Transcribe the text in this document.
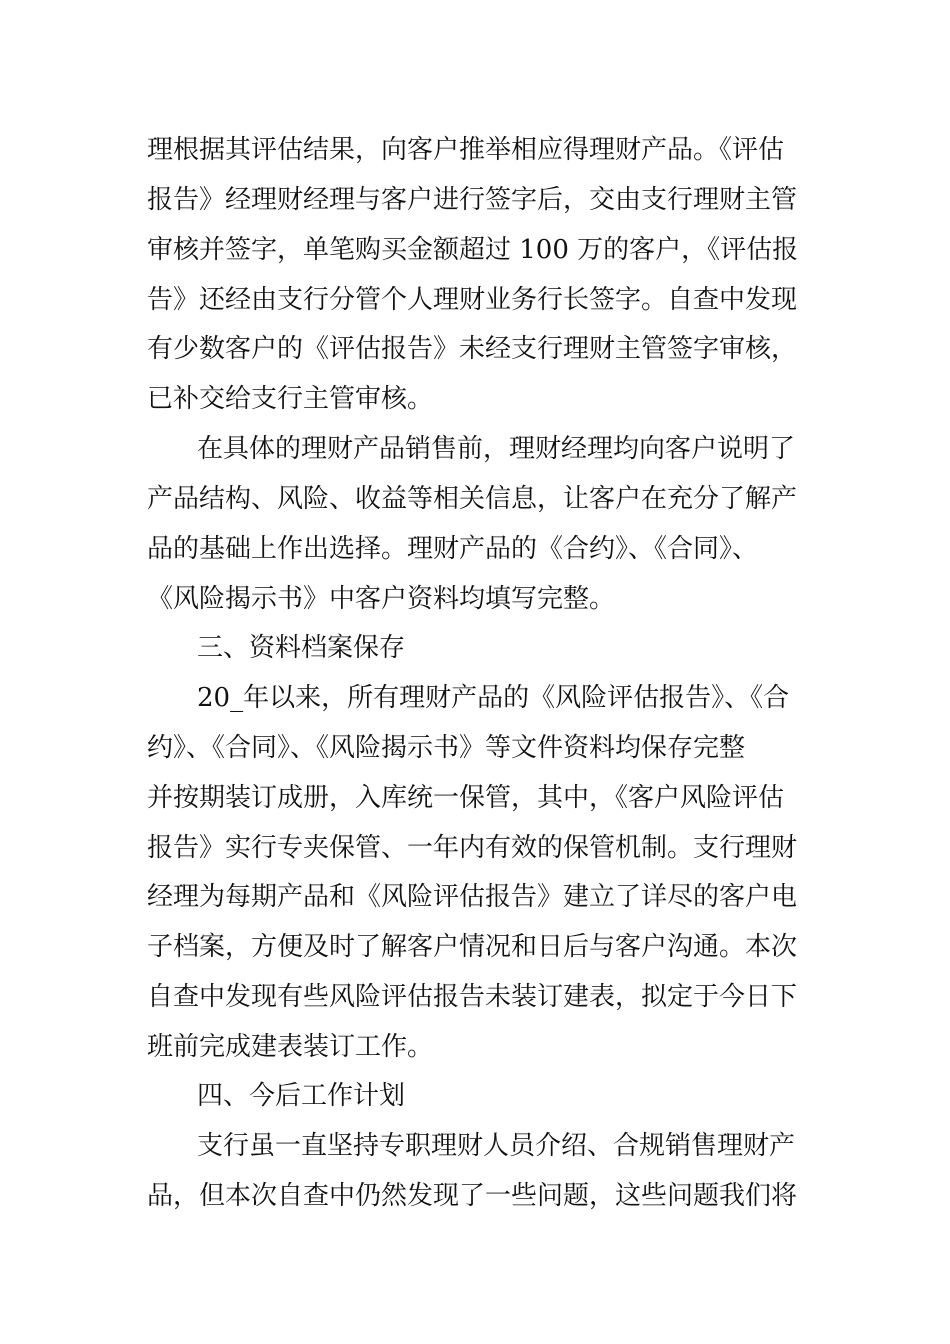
理根据其评估结果，向客户推举相应得理财产品。《评估
报告》经理财经理与客户进行签字后，交由支行理财主管
审核并签字，单笔购买金额超过 100 万的客户，《评估报
告》还经由支行分管个人理财业务行长签字。自查中发现
有少数客户的《评估报告》未经支行理财主管签字审核，
已补交给支行主管审核。
在具体的理财产品销售前，理财经理均向客户说明了
产品结构、风险、收益等相关信息，让客户在充分了解产
品的基础上作出选择。理财产品的《合约》、《合同》、
《风险揭示书》中客户资料均填写完整。
三、资料档案保存
20_年以来，所有理财产品的《风险评估报告》、《合
约》、《合同》、《风险揭示书》等文件资料均保存完整
并按期装订成册，入库统一保管，其中，《客户风险评估
报告》实行专夹保管、一年内有效的保管机制。支行理财
经理为每期产品和《风险评估报告》建立了详尽的客户电
子档案，方便及时了解客户情况和日后与客户沟通。本次
自查中发现有些风险评估报告未装订建表，拟定于今日下
班前完成建表装订工作。
四、今后工作计划
支行虽一直坚持专职理财人员介绍、合规销售理财产
品，但本次自查中仍然发现了一些问题，这些问题我们将
